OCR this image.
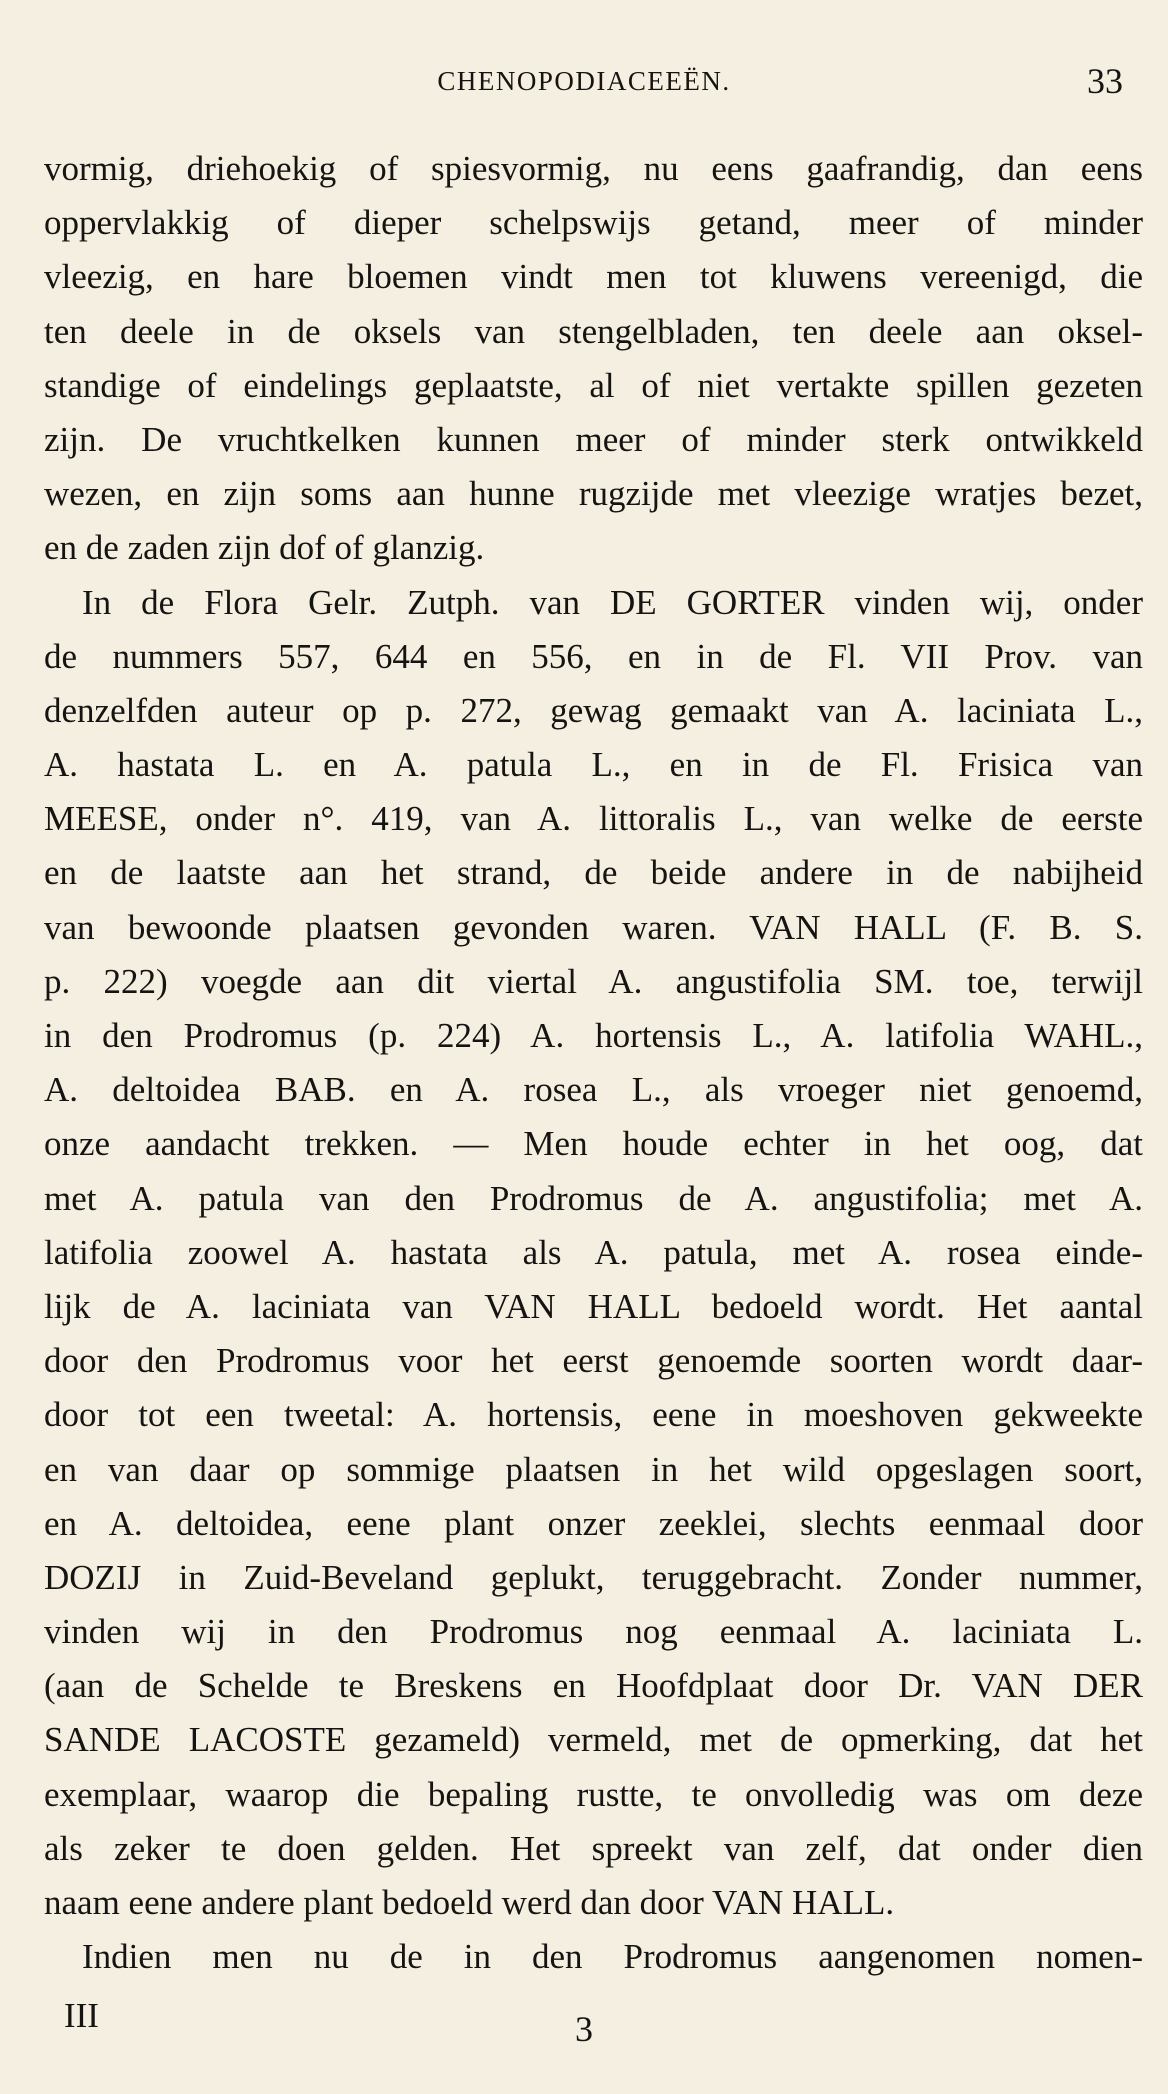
CHENOPODIACEEËN.	33
vormig, driehoekig of spiesvormig, nu eens gaafrandig, dan eens
oppervlakkig of dieper schelpswijs getand, meer of minder
vleezig, en hare bloemen vindt men tot kluwens vereenigd, die
ten deele in de oksels van stengelbladen, ten deele aan oksel-
standige of eindelings geplaatste, al of niet vertakte spillen gezeten
zijn. De vruchtkelken kunnen meer of minder sterk ontwikkeld
wezen, en zijn soms aan hunne rugzijde met vleezige wratjes bezet,
en de zaden zijn dof of glanzig.
In de Flora Gelr. Zutph. van DE GORTER vinden wij, onder
de nummers 557, 644 en 556, en in de Fl. VII Prov. van
denzelfden auteur op p. 272, gewag gemaakt van A. laciniata L.,
A. hastata L. en A. patula L., en in de Fl. Frisica van
MEESE, onder n°. 419, van A. littoralis L., van welke de eerste
en de laatste aan het strand, de beide andere in de nabijheid
van bewoonde plaatsen gevonden waren. VAN HALL (F. B. S.
p. 222) voegde aan dit viertal A. angustifolia SM. toe, terwijl
in den Prodromus (p. 224) A. hortensis L., A. latifolia WAHL.,
A. deltoidea BAB. en A. rosea L., als vroeger niet genoemd,
onze aandacht trekken. — Men houde echter in het oog, dat
met A. patula van den Prodromus de A. angustifolia; met A.
latifolia zoowel A. hastata als A. patula, met A. rosea einde-
lijk de A. laciniata van VAN HALL bedoeld wordt. Het aantal
door den Prodromus voor het eerst genoemde soorten wordt daar-
door tot een tweetal: A. hortensis, eene in moeshoven gekweekte
en van daar op sommige plaatsen in het wild opgeslagen soort,
en A. deltoidea, eene plant onzer zeeklei, slechts eenmaal door
DOZIJ in Zuid-Beveland geplukt, teruggebracht. Zonder nummer,
vinden wij in den Prodromus nog eenmaal A. laciniata L.
(aan de Schelde te Breskens en Hoofdplaat door Dr. VAN DER
SANDE LACOSTE gezameld) vermeld, met de opmerking, dat het
exemplaar, waarop die bepaling rustte, te onvolledig was om deze
als zeker te doen gelden. Het spreekt van zelf, dat onder dien
naam eene andere plant bedoeld werd dan door VAN HALL.
Indien men nu de in den Prodromus aangenomen nomen-
III	3
